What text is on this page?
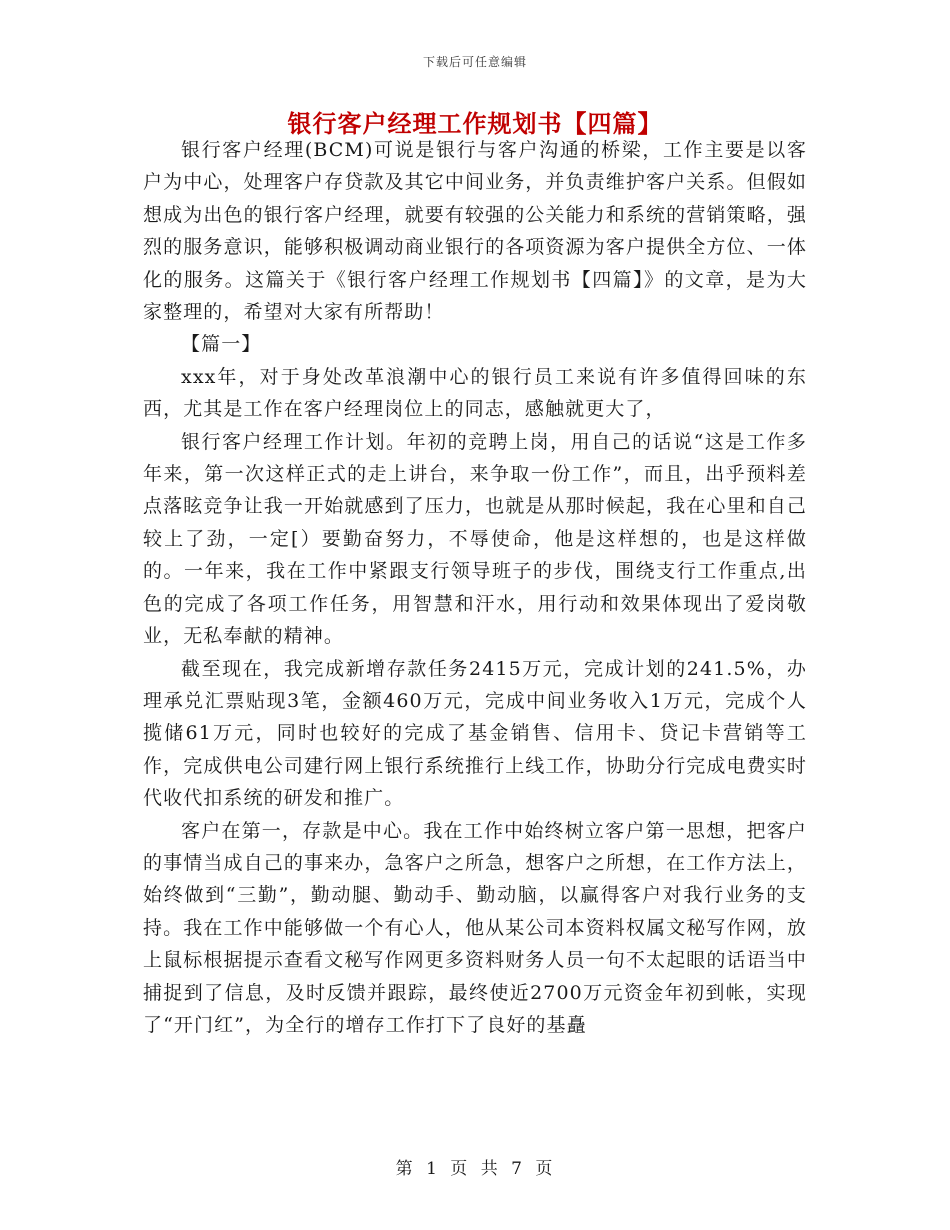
下载后可任意编辑
银行客户经理工作规划书【四篇】

银行客户经理(BCM)可说是银行与客户沟通的桥梁，工作主要是以客户为中心，处理客户存贷款及其它中间业务，并负责维护客户关系。但假如想成为出色的银行客户经理，就要有较强的公关能力和系统的营销策略，强烈的服务意识，能够积极调动商业银行的各项资源为客户提供全方位、一体化的服务。这篇关于《银行客户经理工作规划书【四篇】》的文章，是为大家整理的，希望对大家有所帮助！

【篇一】

xxx年，对于身处改革浪潮中心的银行员工来说有许多值得回味的东西，尤其是工作在客户经理岗位上的同志，感触就更大了，

银行客户经理工作计划。年初的竞聘上岗，用自己的话说“这是工作多年来，第一次这样正式的走上讲台，来争取一份工作”，而且，出乎预料差点落眩竞争让我一开始就感到了压力，也就是从那时候起，我在心里和自己较上了劲，一定[）要勤奋努力，不辱使命，他是这样想的，也是这样做的。一年来，我在工作中紧跟支行领导班子的步伐，围绕支行工作重点,出色的完成了各项工作任务，用智慧和汗水，用行动和效果体现出了爱岗敬业，无私奉献的精神。

截至现在，我完成新增存款任务2415万元，完成计划的241.5%，办理承兑汇票贴现3笔，金额460万元，完成中间业务收入1万元，完成个人揽储61万元，同时也较好的完成了基金销售、信用卡、贷记卡营销等工作，完成供电公司建行网上银行系统推行上线工作，协助分行完成电费实时代收代扣系统的研发和推广。

客户在第一，存款是中心。我在工作中始终树立客户第一思想，把客户的事情当成自己的事来办，急客户之所急，想客户之所想，在工作方法上，始终做到“三勤”，勤动腿、勤动手、勤动脑，以赢得客户对我行业务的支持。我在工作中能够做一个有心人，他从某公司本资料权属文秘写作网，放上鼠标根据提示查看文秘写作网更多资料财务人员一句不太起眼的话语当中捕捉到了信息，及时反馈并跟踪，最终使近2700万元资金年初到帐，实现了“开门红”，为全行的增存工作打下了良好的基矗

第 1 页 共 7 页
